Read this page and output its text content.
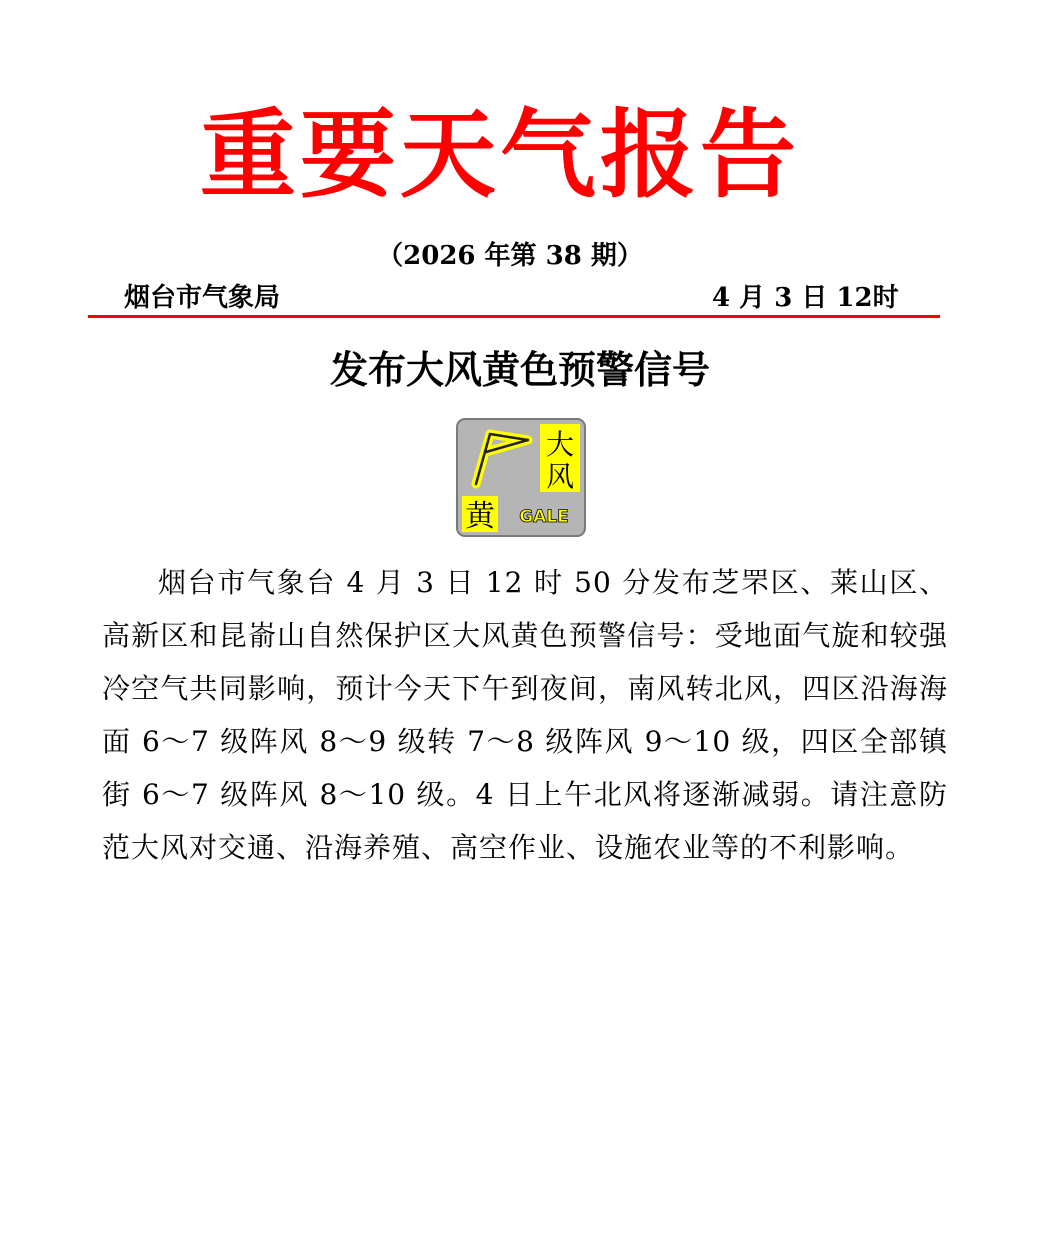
重要天气报告
（2026 年第 38 期）
烟台市气象局	4 月 3 日 12时
发布大风黄色预警信号
大
风
黄 GALE

烟台市气象台 4 月 3 日 12 时 50 分发布芝罘区、莱山区、高新区和昆嵛山自然保护区大风黄色预警信号：受地面气旋和较强冷空气共同影响，预计今天下午到夜间，南风转北风，四区沿海海面 6～7 级阵风 8～9 级转 7～8 级阵风 9～10 级，四区全部镇街 6～7 级阵风 8～10 级。4 日上午北风将逐渐减弱。请注意防范大风对交通、沿海养殖、高空作业、设施农业等的不利影响。
